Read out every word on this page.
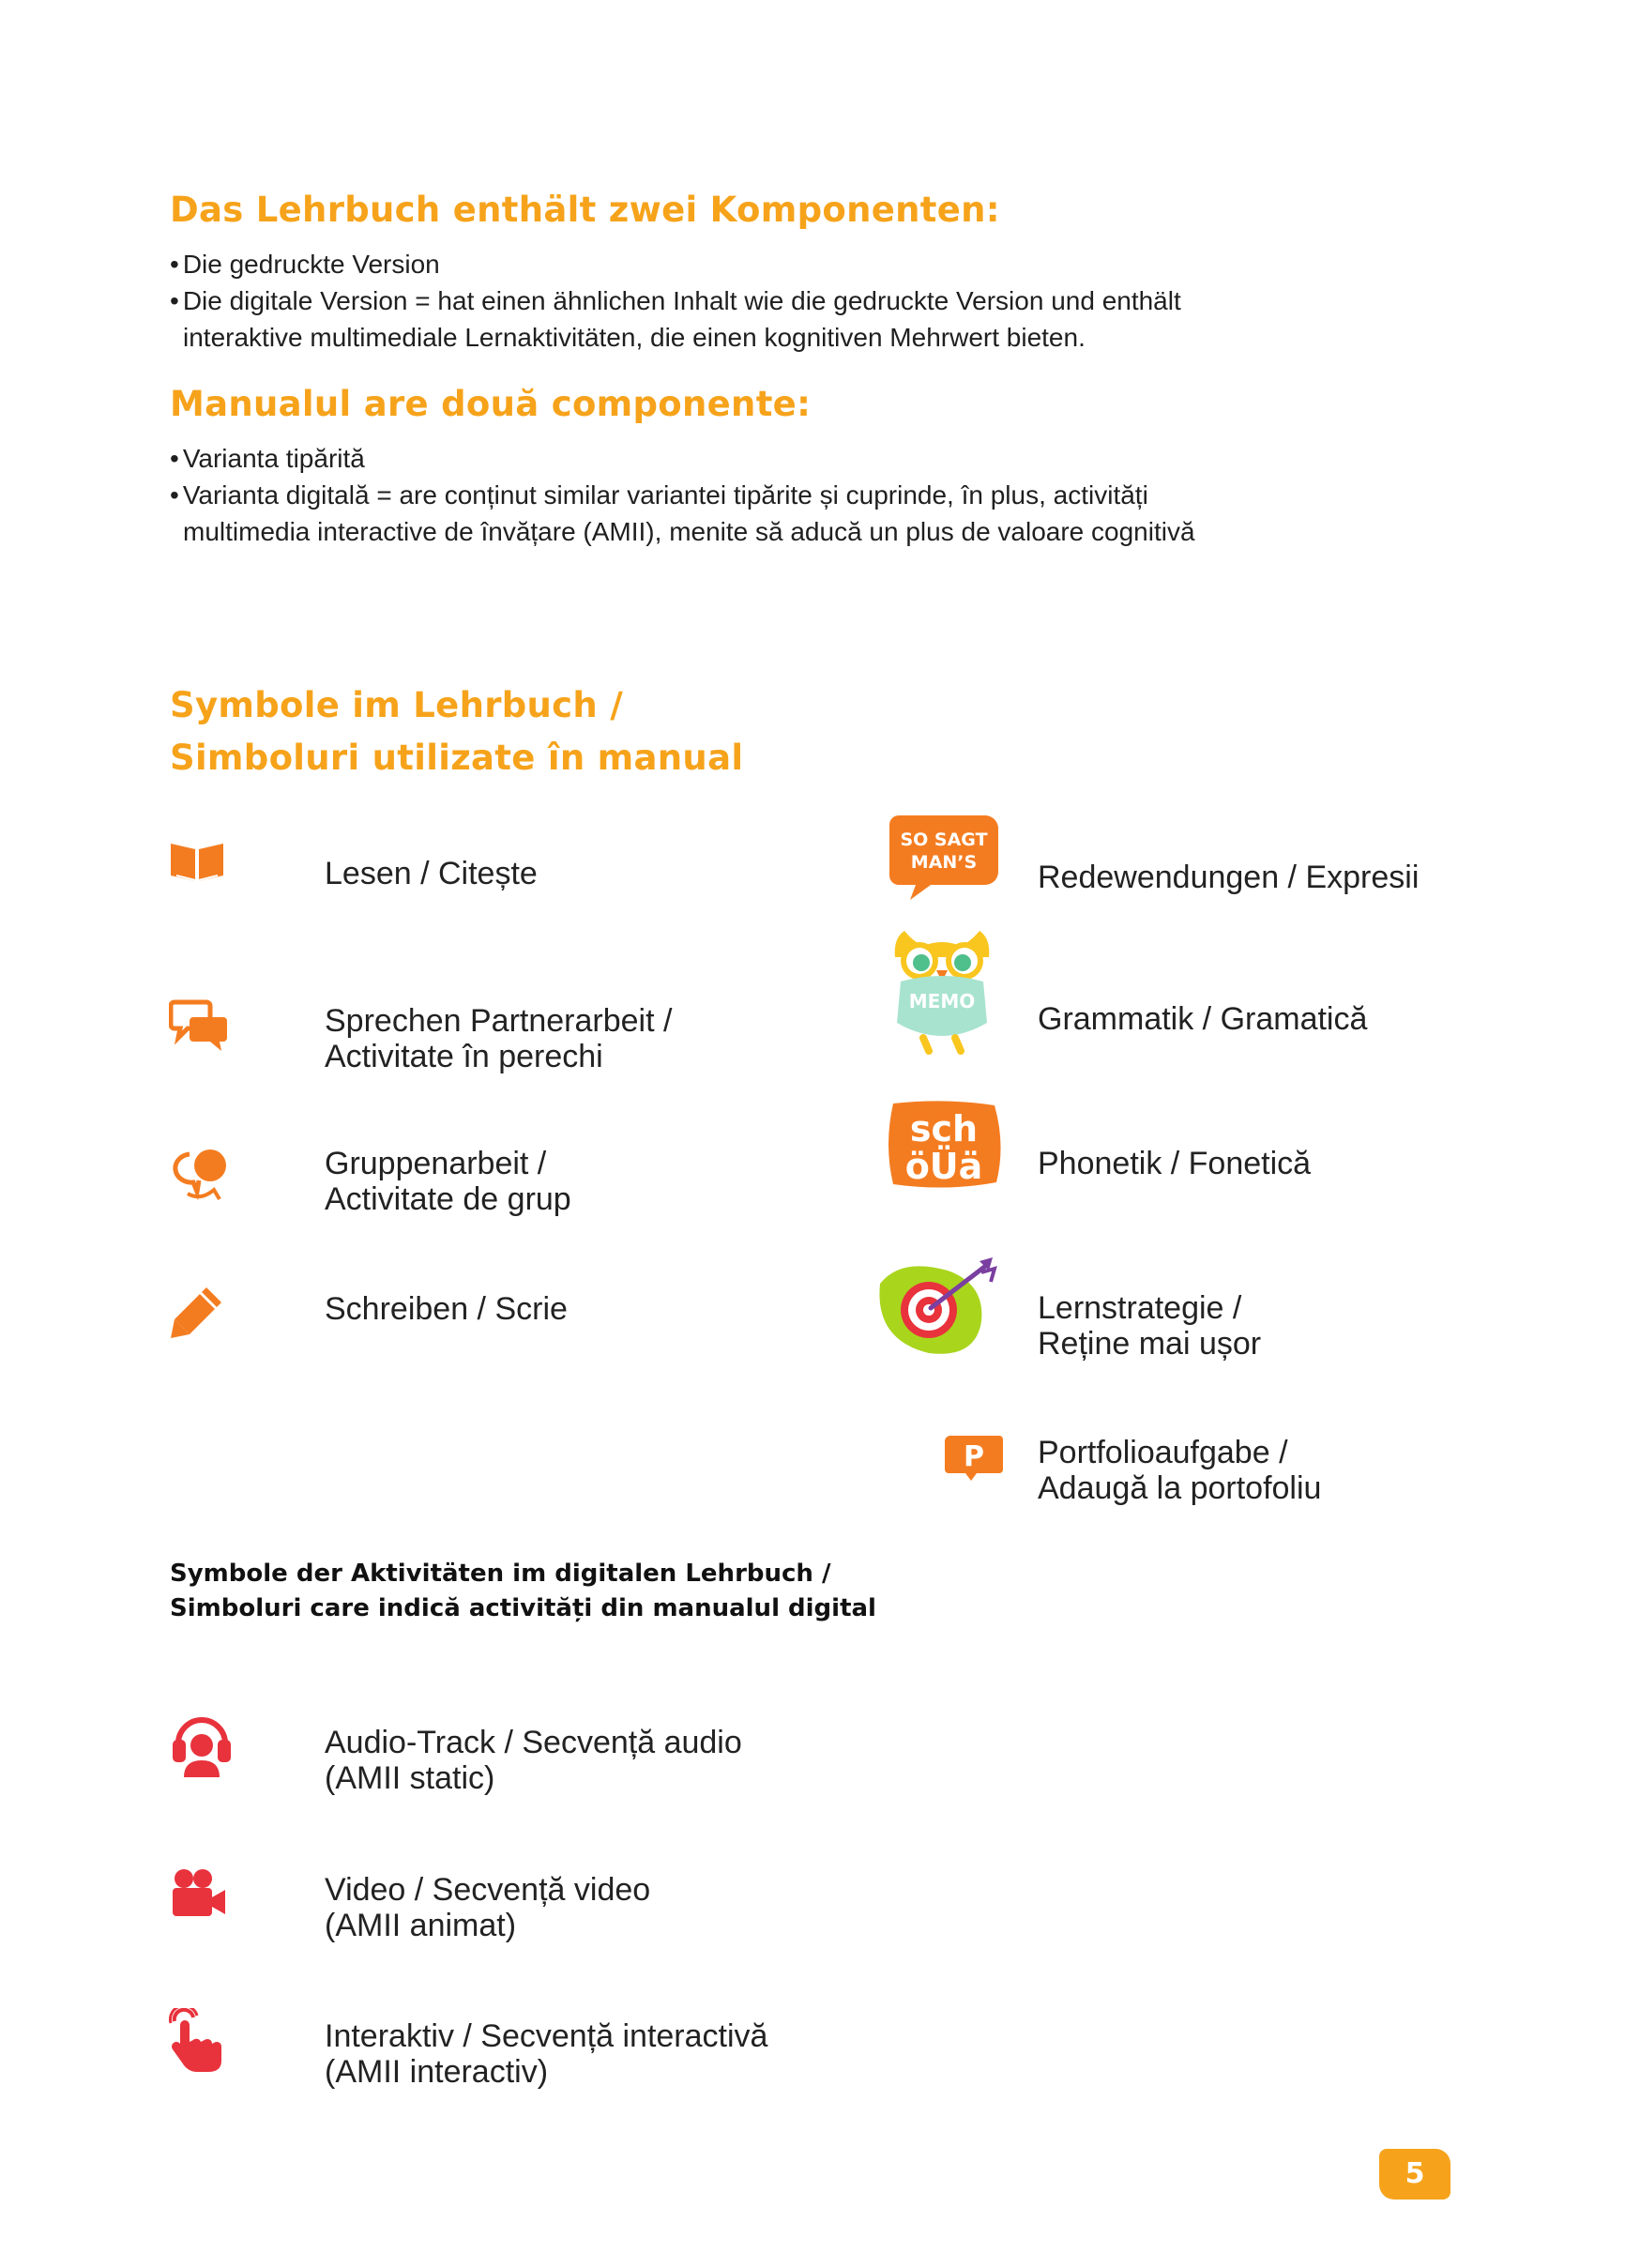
Das Lehrbuch enthält zwei Komponenten:
• Die gedruckte Version
• Die digitale Version = hat einen ähnlichen Inhalt wie die gedruckte Version und enthält interaktive multimediale Lernaktivitäten, die einen kognitiven Mehrwert bieten.
Manualul are două componente:
• Varianta tipărită
• Varianta digitală = are conținut similar variantei tipărite și cuprinde, în plus, activități multimedia interactive de învățare (AMII), menite să aducă un plus de valoare cognitivă
Symbole im Lehrbuch /
Simboluri utilizate în manual
Lesen / Citește
Sprechen Partnerarbeit /
Activitate în perechi
Gruppenarbeit /
Activitate de grup
Schreiben / Scrie
SO SAGT
MAN’S Redewendungen / Expresii
MEMO Grammatik / Gramatică
sch
öÜä Phonetik / Fonetică
Lernstrategie /
Reține mai ușor
P Portfolioaufgabe /
Adaugă la portofoliu
Symbole der Aktivitäten im digitalen Lehrbuch /
Simboluri care indică activități din manualul digital
Audio-Track / Secvență audio
(AMII static)
Video / Secvență video
(AMII animat)
Interaktiv / Secvență interactivă
(AMII interactiv)
5
